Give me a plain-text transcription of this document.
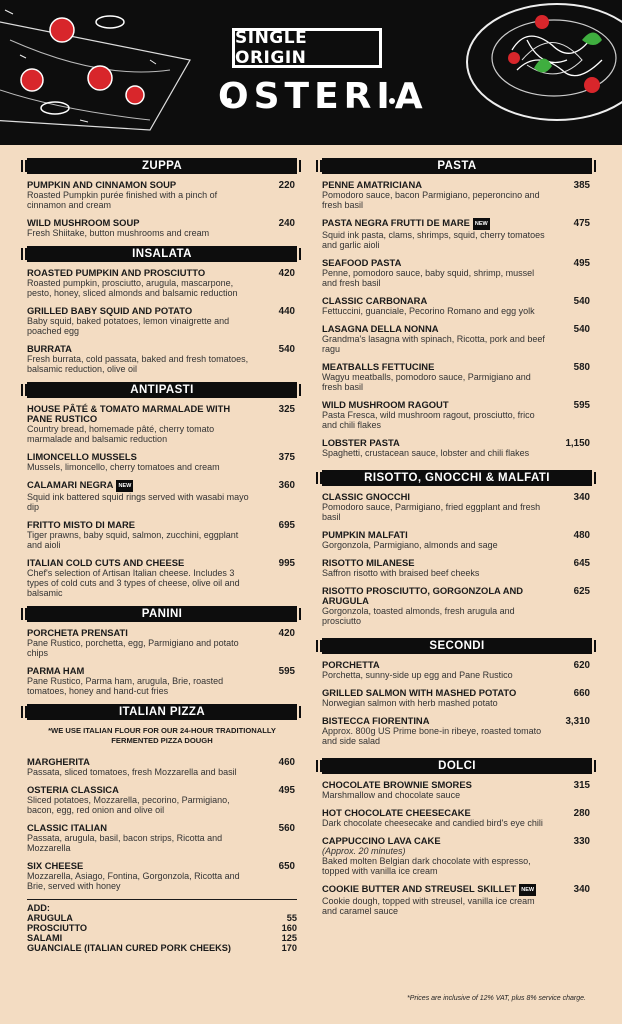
SINGLE ORIGIN
OSTERIA
ZUPPA
PUMPKIN AND CINNAMON SOUP
Roasted Pumpkin purée finished with a pinch of cinnamon and cream
220
WILD MUSHROOM SOUP
Fresh Shiitake, button mushrooms and cream
240
INSALATA
ROASTED PUMPKIN AND PROSCIUTTO
Roasted pumpkin, prosciutto, arugula, mascarpone, pesto, honey, sliced almonds and balsamic reduction
420
GRILLED BABY SQUID AND POTATO
Baby squid, baked potatoes, lemon vinaigrette and poached egg
440
BURRATA
Fresh burrata, cold passata, baked and fresh tomatoes, balsamic reduction, olive oil
540
ANTIPASTI
HOUSE PÂTÉ & TOMATO MARMALADE WITH PANE RUSTICO
Country bread, homemade pâté, cherry tomato marmalade and balsamic reduction
325
LIMONCELLO MUSSELS
Mussels, limoncello, cherry tomatoes and cream
375
CALAMARI NEGRA NEW
Squid ink battered squid rings served with wasabi mayo dip
360
FRITTO MISTO DI MARE
Tiger prawns, baby squid, salmon, zucchini, eggplant and aioli
695
ITALIAN COLD CUTS AND CHEESE
Chef's selection of Artisan Italian cheese. Includes 3 types of cold cuts and 3 types of cheese, olive oil and balsamic
995
PANINI
PORCHETA PRENSATI
Pane Rustico, porchetta, egg, Parmigiano and potato chips
420
PARMA HAM
Pane Rustico, Parma ham, arugula, Brie, roasted tomatoes, honey and hand-cut fries
595
ITALIAN PIZZA
*WE USE ITALIAN FLOUR FOR OUR 24-HOUR TRADITIONALLY FERMENTED PIZZA DOUGH
MARGHERITA
Passata, sliced tomatoes, fresh Mozzarella and basil
460
OSTERIA CLASSICA
Sliced potatoes, Mozzarella, pecorino, Parmigiano, bacon, egg, red onion and olive oil
495
CLASSIC ITALIAN
Passata, arugula, basil, bacon strips, Ricotta and Mozzarella
560
SIX CHEESE
Mozzarella, Asiago, Fontina, Gorgonzola, Ricotta and Brie, served with honey
650
ADD:
ARUGULA	55
PROSCIUTTO	160
SALAMI	125
GUANCIALE (ITALIAN CURED PORK CHEEKS)	170
PASTA
PENNE AMATRICIANA
Pomodoro sauce, bacon Parmigiano, peperoncino and fresh basil
385
PASTA NEGRA FRUTTI DE MARE NEW
Squid ink pasta, clams, shrimps, squid, cherry tomatoes and garlic aioli
475
SEAFOOD PASTA
Penne, pomodoro sauce, baby squid, shrimp, mussel and fresh basil
495
CLASSIC CARBONARA
Fettuccini, guanciale, Pecorino Romano and egg yolk
540
LASAGNA DELLA NONNA
Grandma's lasagna with spinach, Ricotta, pork and beef ragu
540
MEATBALLS FETTUCINE
Wagyu meatballs, pomodoro sauce, Parmigiano and fresh basil
580
WILD MUSHROOM RAGOUT
Pasta Fresca, wild mushroom ragout, prosciutto, frico and chili flakes
595
LOBSTER PASTA
Spaghetti, crustacean sauce, lobster and chili flakes
1,150
RISOTTO, GNOCCHI & MALFATI
CLASSIC GNOCCHI
Pomodoro sauce, Parmigiano, fried eggplant and fresh basil
340
PUMPKIN MALFATI
Gorgonzola, Parmigiano, almonds and sage
480
RISOTTO MILANESE
Saffron risotto with braised beef cheeks
645
RISOTTO PROSCIUTTO, GORGONZOLA AND ARUGULA
Gorgonzola, toasted almonds, fresh arugula and prosciutto
625
SECONDI
PORCHETTA
Porchetta, sunny-side up egg and Pane Rustico
620
GRILLED SALMON WITH MASHED POTATO
Norwegian salmon with herb mashed potato
660
BISTECCA FIORENTINA
Approx. 800g US Prime bone-in ribeye, roasted tomato and side salad
3,310
DOLCI
CHOCOLATE BROWNIE SMORES
Marshmallow and chocolate sauce
315
HOT CHOCOLATE CHEESECAKE
Dark chocolate cheesecake and candied bird's eye chili
280
CAPPUCCINO LAVA CAKE
(Approx. 20 minutes)
Baked molten Belgian dark chocolate with espresso, topped with vanilla ice cream
330
COOKIE BUTTER AND STREUSEL SKILLET NEW
Cookie dough, topped with streusel, vanilla ice cream and caramel sauce
340
*Prices are inclusive of 12% VAT, plus 8% service charge.
